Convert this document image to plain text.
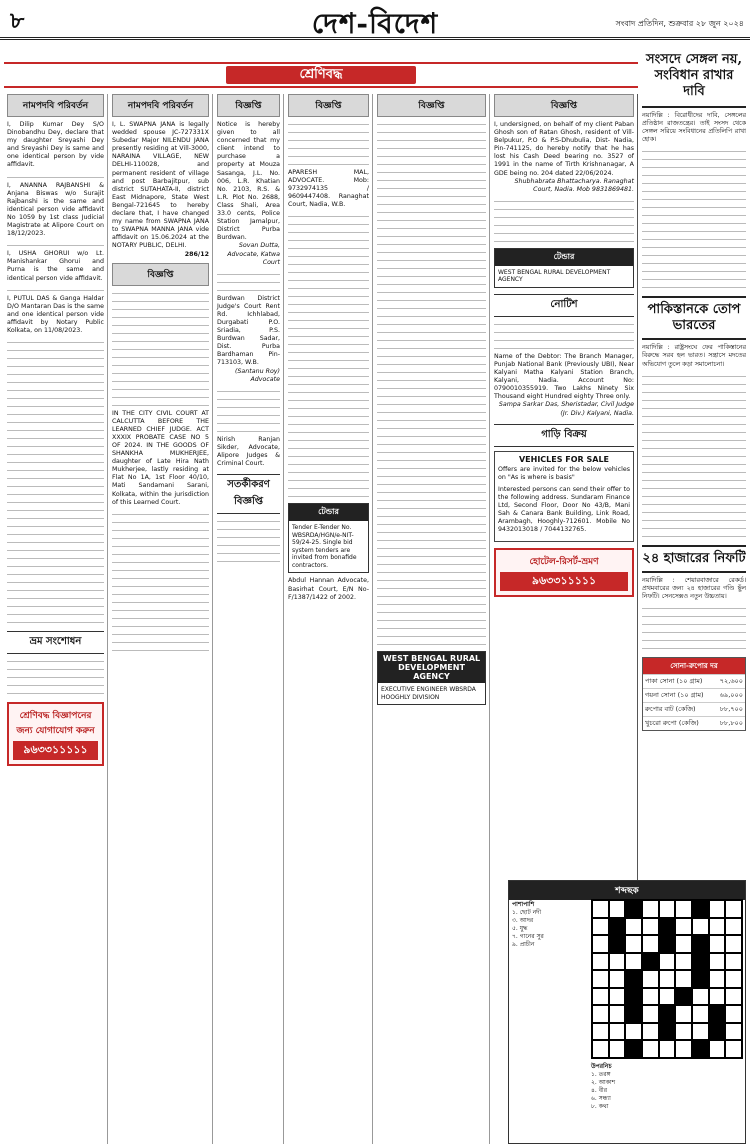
৮	দেশ-বিদেশ	সংবাদ প্রতিদিন, শুক্রবার ২৮ জুন ২০২৪
শ্রেণিবদ্ধ
নামপদবি পরিবর্তন
I, Dilip Kumar Dey S/O Dinobandhu Dey, declare that my daughter Sreyashi Dey and Sreyashi Dey is same and one identical person by vide affidavit.
I, ANANNA RAJBANSHI & Anjana Biswas w/o Surajit Rajbanshi is the same and identical person vide affidavit No 1059 by 1st class Judicial Magistrate at Alipore Court on 18/12/2023.
I, USHA GHORUI w/o Lt. Manishankar Ghorui and Purna is the same and identical person vide affidavit.
I, PUTUL DAS & Ganga Haldar D/O Mantaran Das is the same and one identical person vide affidavit by Notary Public Kolkata, on 11/08/2023.
ভ্রম সংশোধন
শ্রেণিবদ্ধ বিজ্ঞাপনের জন্য যোগাযোগ করুন
৯৬৩৩১১১১১
নামপদবি পরিবর্তন
I, L. SWAPNA JANA is legally wedded spouse JC-727331X Subedar Major NILENDU JANA presently residing at Vill-3000, NARAINA VILLAGE, NEW DELHI-110028, and permanent resident of village and post Barbajitpur, sub district SUTAHATA-II, district East Midnapore, State West Bengal-721645 to hereby declare that, I have changed my name from SWAPNA JANA to SWAPNA MANNA JANA vide affidavit on 15.06.2024 at the NOTARY PUBLIC, DELHI.
286/12
বিজ্ঞপ্তি
IN THE CITY CIVIL COURT AT CALCUTTA BEFORE THE LEARNED CHIEF JUDGE. ACT XXXIX PROBATE CASE NO 5 OF 2024. IN THE GOODS OF SHANKHA MUKHERJEE, daughter of Late Hira Nath Mukherjee, lastly residing at Flat No 1A, 1st Floor 40/10, Mati Sandamani Sarani, Kolkata, within the jurisdiction of this Learned Court.
বিজ্ঞপ্তি
Notice is hereby given to all concerned that my client intend to purchase a property at Mouza Sasanga, J.L. No. 006, L.R. Khatian No. 2103, R.S. & L.R. Plot No. 2688, Class Shali, Area 33.0 cents, Police Station Jamalpur, District Purba Burdwan.
Sovan Dutta, Advocate, Katwa Court
Burdwan District Judge's Court Rent Rd. Ichhlabad, Durgabati P.O. Sriadia, P.S. Burdwan Sadar, Dist. Purba Bardhaman Pin-713103, W.B.
(Santanu Roy) Advocate
Nirish Ranjan Sikder, Advocate, Alipore Judges & Criminal Court.
সতর্কীকরণ বিজ্ঞপ্তি
বিজ্ঞপ্তি
APARESH MAL, ADVOCATE. Mob: 9732974135 / 9609447408. Ranaghat Court, Nadia, W.B.
টেন্ডার
Tender E-Tender No. WBSRDA/HGN/e-NIT-59/24-25. Single bid system tenders are invited from bonafide contractors.
Abdul Hannan Advocate, Basirhat Court, E/N No-F/1387/1422 of 2002.
বিজ্ঞপ্তি
WEST BENGAL RURAL DEVELOPMENT AGENCY
EXECUTIVE ENGINEER WBSRDA HOOGHLY DIVISION
বিজ্ঞপ্তি
I, undersigned, on behalf of my client Paban Ghosh son of Ratan Ghosh, resident of Vill-Belpukur, P.O & P.S-Dhubulia, Dist- Nadia, Pin-741125, do hereby notify that he has lost his Cash Deed bearing no. 3527 of 1991 in the name of Tirth Krishnanagar, A GDE being no. 204 dated 22/06/2024.
Shubhabrata Bhattacharya. Ranaghat Court, Nadia. Mob 9831869481.
টেন্ডার
WEST BENGAL RURAL DEVELOPMENT AGENCY
নোটিশ
Name of the Debtor: The Branch Manager, Punjab National Bank (Previously UBI), Near Kalyani Matha Kalyani Station Branch, Kalyani, Nadia. Account No: 0790010355919. Two Lakhs Ninety Six Thousand eight Hundred eighty Three only.
Sampa Sarkar Das, Sheristadar, Civil Judge (Jr. Div.) Kalyani, Nadia.
গাড়ি বিক্রয়
VEHICLES FOR SALE
Offers are invited for the below vehicles on "As is where is basis"
Interested persons can send their offer to the following address. Sundaram Finance Ltd, Second Floor, Door No 43/B, Mani Sah & Canara Bank Building, Link Road, Arambagh, Hooghly-712601. Mobile No 9432013018 / 7044132765.
হোটেল-রিসর্ট-ভ্রমণ
৯৬৩৩১১১১১
সংসদে সেঙ্গল নয়, সংবিধান রাখার দাবি
নয়াদিল্লি : বিরোধীদের দাবি, সেঙ্গলের প্রতিষ্ঠান রাজতন্ত্রের। তাই সংসদ থেকে সেঙ্গল সরিয়ে সংবিধানের প্রতিলিপি রাখা হোক।
পাকিস্তানকে তোপ ভারতের
নয়াদিল্লি : রাষ্ট্রসংঘে ফের পাকিস্তানের বিরুদ্ধে সরব হল ভারত। সন্ত্রাসে মদতের অভিযোগ তুলে কড়া সমালোচনা।
২৪ হাজারের নিফটি
নয়াদিল্লি : শেয়ারবাজারে রেকর্ড। প্রথমবারের জন্য ২৪ হাজারের গণ্ডি ছুঁল নিফটি। সেনসেক্সও নতুন উচ্চতায়।
সোনা-রুপোর দর
পাকা সোনা (১০ গ্রাম)	৭২,৬০০
গয়না সোনা (১০ গ্রাম)	৬৯,০০০
রুপোর বাট (কেজি)	৮৮,৭০০
খুচরো রুপো (কেজি)	৮৮,৮০০
শব্দছক
পাশাপাশি
১. ছোট নদী
৩. আদর
৫. যুদ্ধ
৭. গানের সুর
৯. প্রাচীন
উপরনিচ
১. তরঙ্গ
২. আকাশ
৪. বীর
৬. সন্ধ্যা
৮. কথা
